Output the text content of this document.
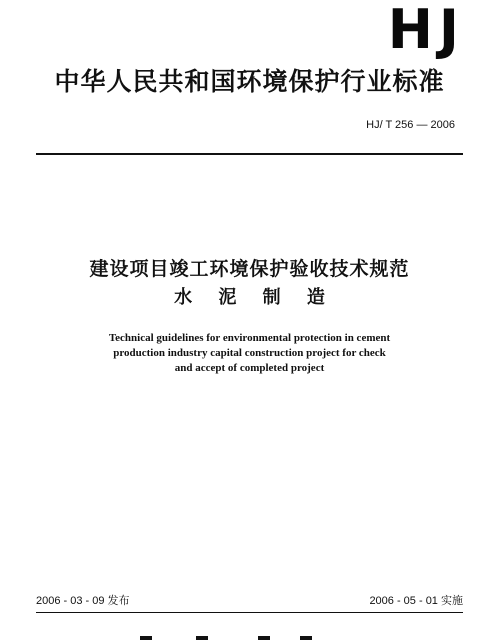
HJ
中华人民共和国环境保护行业标准
HJ/ T 256 — 2006
建设项目竣工环境保护验收技术规范
水 泥 制 造
Technical guidelines for environmental protection in cement
production industry capital construction project for check
and accept of completed project
2006 - 03 - 09 发布	2006 - 05 - 01 实施
